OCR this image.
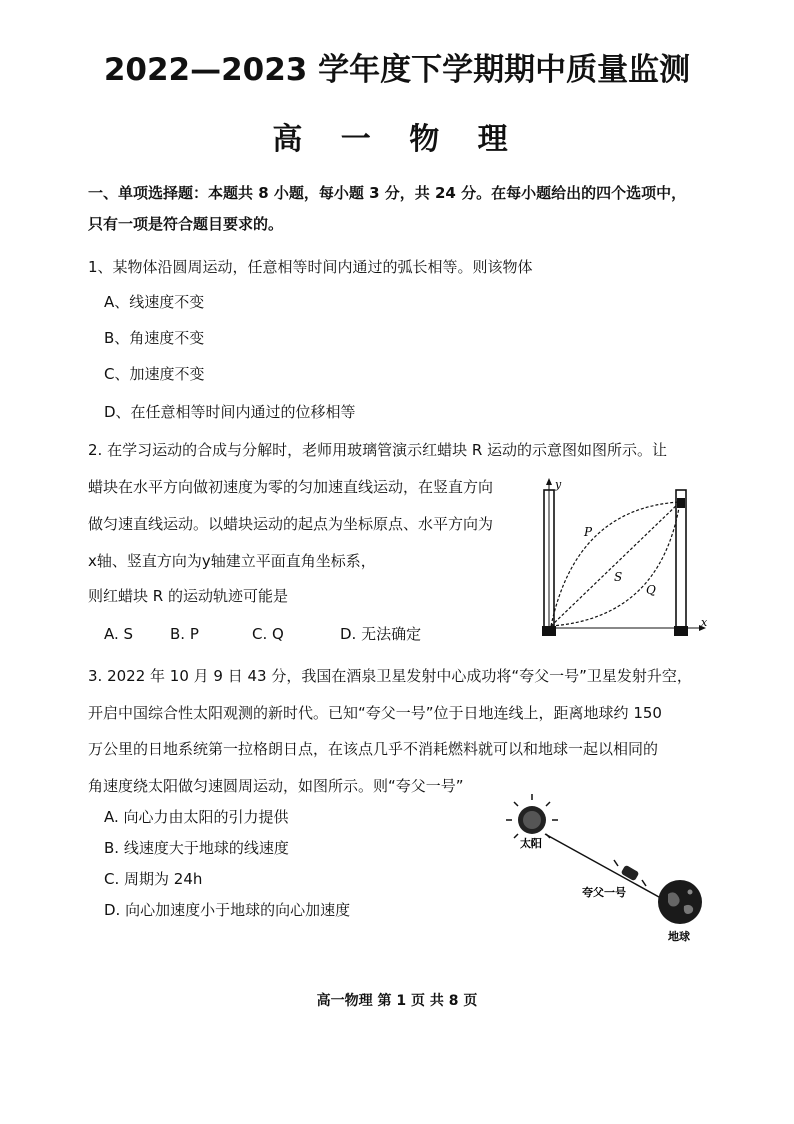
2022—2023 学年度下学期期中质量监测
高 一 物 理
一、单项选择题：本题共 8 小题，每小题 3 分，共 24 分。在每小题给出的四个选项中，
只有一项是符合题目要求的。
1、某物体沿圆周运动，任意相等时间内通过的弧长相等。则该物体
A、线速度不变
B、角速度不变
C、加速度不变
D、在任意相等时间内通过的位移相等
2. 在学习运动的合成与分解时，老师用玻璃管演示红蜡块 R 运动的示意图如图所示。让
蜡块在水平方向做初速度为零的匀加速直线运动，在竖直方向
做匀速直线运动。以蜡块运动的起点为坐标原点、水平方向为
x轴、竖直方向为y轴建立平面直角坐标系，
则红蜡块 R 的运动轨迹可能是
A. S B. P	C. Q	D. 无法确定
y
x
P
S
Q
3. 2022 年 10 月 9 日 43 分，我国在酒泉卫星发射中心成功将“夸父一号”卫星发射升空，
开启中国综合性太阳观测的新时代。已知“夸父一号”位于日地连线上，距离地球约 150
万公里的日地系统第一拉格朗日点，在该点几乎不消耗燃料就可以和地球一起以相同的
角速度绕太阳做匀速圆周运动，如图所示。则“夸父一号”
A. 向心力由太阳的引力提供
B. 线速度大于地球的线速度
C. 周期为 24h
D. 向心加速度小于地球的向心加速度
太阳
夸父一号
地球
高一物理 第 1 页 共 8 页
